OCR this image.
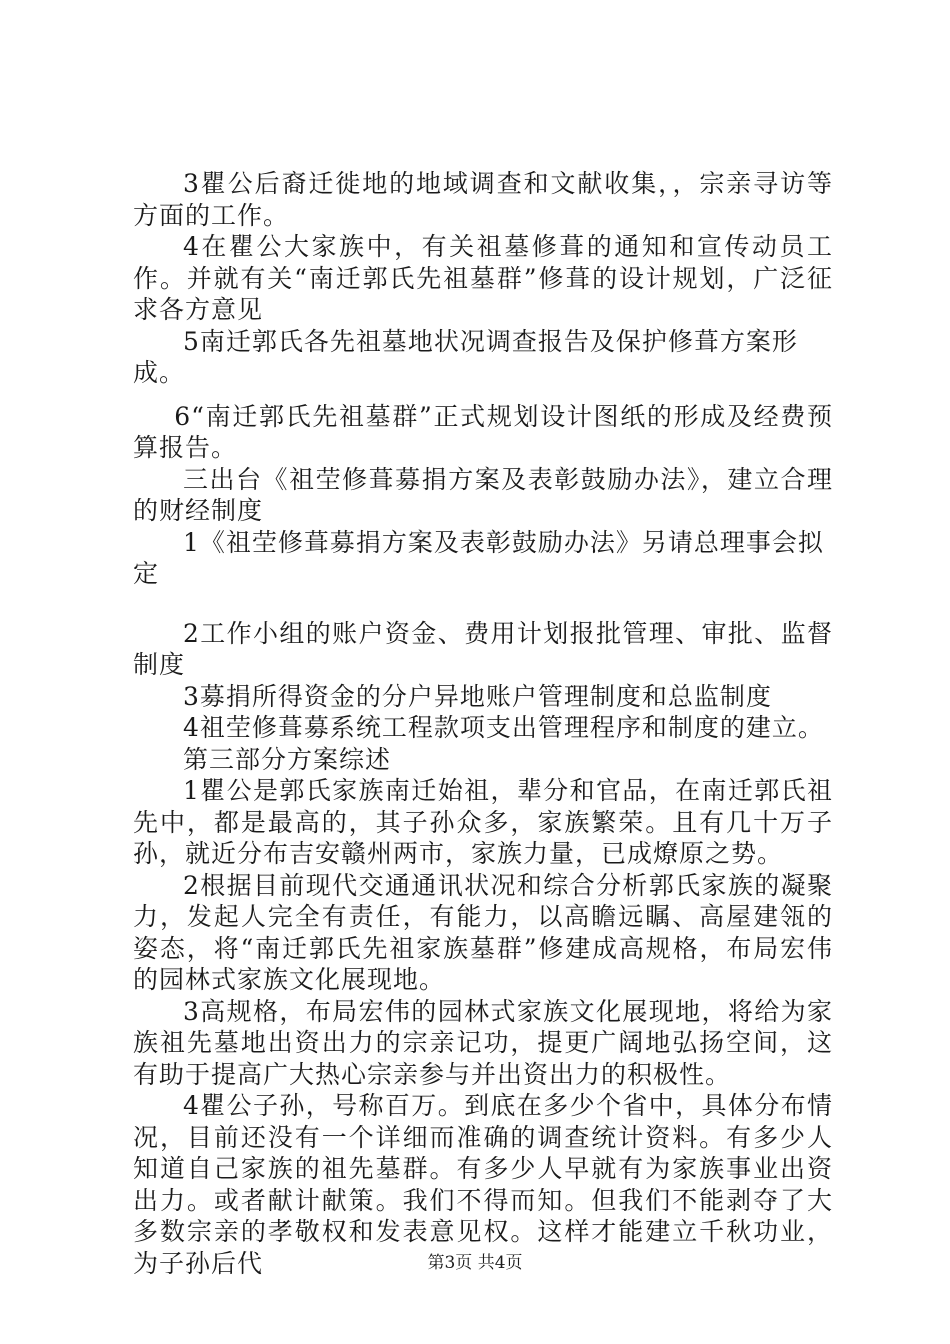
3瞿公后裔迁徙地的地域调查和文献收集，，宗亲寻访等方面的工作。

4在瞿公大家族中，有关祖墓修葺的通知和宣传动员工作。并就有关“南迁郭氏先祖墓群”修葺的设计规划，广泛征求各方意见

5南迁郭氏各先祖墓地状况调查报告及保护修葺方案形成。

6“南迁郭氏先祖墓群”正式规划设计图纸的形成及经费预算报告。

三出台《祖茔修葺募捐方案及表彰鼓励办法》，建立合理的财经制度

1《祖茔修葺募捐方案及表彰鼓励办法》另请总理事会拟定

2工作小组的账户资金、费用计划报批管理、审批、监督制度

3募捐所得资金的分户异地账户管理制度和总监制度

4祖茔修葺募系统工程款项支出管理程序和制度的建立。

第三部分方案综述

1瞿公是郭氏家族南迁始祖，辈分和官品，在南迁郭氏祖先中，都是最高的，其子孙众多，家族繁荣。且有几十万子孙，就近分布吉安赣州两市，家族力量，已成燎原之势。

2根据目前现代交通通讯状况和综合分析郭氏家族的凝聚力，发起人完全有责任，有能力，以高瞻远瞩、高屋建瓴的姿态，将“南迁郭氏先祖家族墓群”修建成高规格，布局宏伟的园林式家族文化展现地。

3高规格，布局宏伟的园林式家族文化展现地，将给为家族祖先墓地出资出力的宗亲记功，提更广阔地弘扬空间，这有助于提高广大热心宗亲参与并出资出力的积极性。

4瞿公子孙，号称百万。到底在多少个省中，具体分布情况，目前还没有一个详细而准确的调查统计资料。有多少人知道自己家族的祖先墓群。有多少人早就有为家族事业出资出力。或者献计献策。我们不得而知。但我们不能剥夺了大多数宗亲的孝敬权和发表意见权。这样才能建立千秋功业，为子孙后代	第3页 共4页
